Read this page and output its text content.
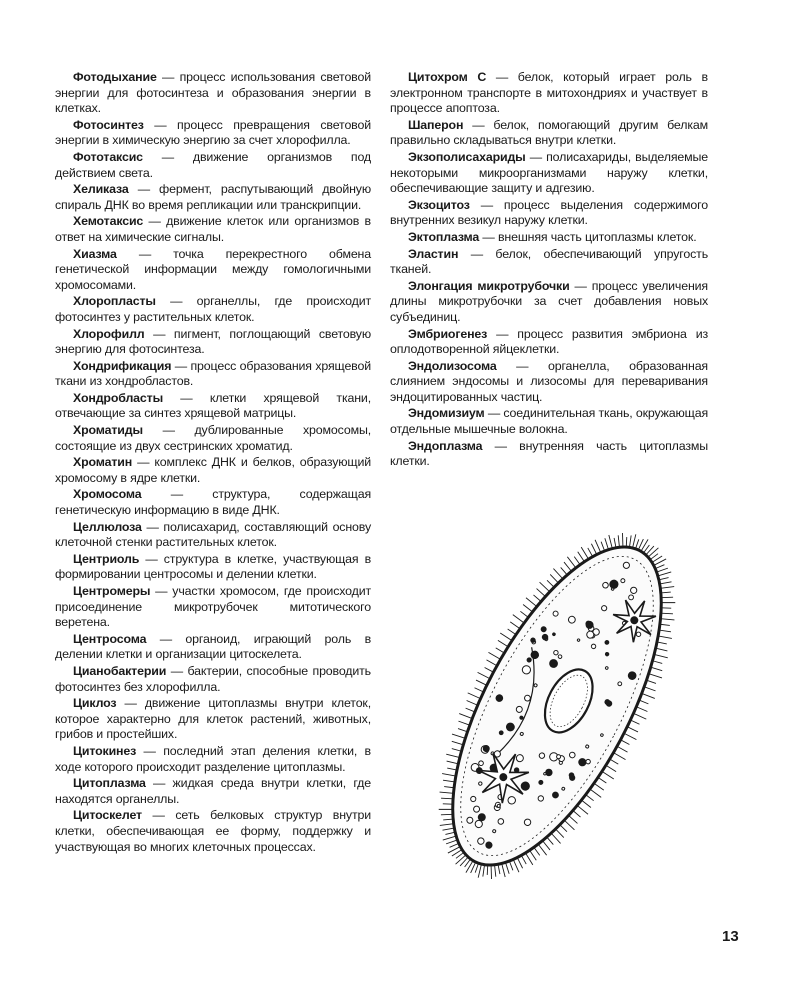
Фотодыхание — процесс использования световой энергии для фотосинтеза и образования энергии в клетках.

Фотосинтез — процесс превращения световой энергии в химическую энергию за счет хлорофилла.

Фототаксис — движение организмов под действием света.

Хеликаза — фермент, распутывающий двойную спираль ДНК во время репликации или транскрипции.

Хемотаксис — движение клеток или организмов в ответ на химические сигналы.

Хиазма — точка перекрестного обмена генетической информации между гомологичными хромосомами.

Хлоропласты — органеллы, где происходит фотосинтез у растительных клеток.

Хлорофилл — пигмент, поглощающий световую энергию для фотосинтеза.

Хондрификация — процесс образования хрящевой ткани из хондробластов.

Хондробласты — клетки хрящевой ткани, отвечающие за синтез хрящевой матрицы.

Хроматиды — дублированные хромосомы, состоящие из двух сестринских хроматид.

Хроматин — комплекс ДНК и белков, образующий хромосому в ядре клетки.

Хромосома — структура, содержащая генетическую информацию в виде ДНК.

Целлюлоза — полисахарид, составляющий основу клеточной стенки растительных клеток.

Центриоль — структура в клетке, участвующая в формировании центросомы и делении клетки.

Центромеры — участки хромосом, где происходит присоединение микротрубочек митотического веретена.

Центросома — органоид, играющий роль в делении клетки и организации цитоскелета.

Цианобактерии — бактерии, способные проводить фотосинтез без хлорофилла.

Циклоз — движение цитоплазмы внутри клеток, которое характерно для клеток растений, животных, грибов и простейших.

Цитокинез — последний этап деления клетки, в ходе которого происходит разделение цитоплазмы.

Цитоплазма — жидкая среда внутри клетки, где находятся органеллы.

Цитоскелет — сеть белковых структур внутри клетки, обеспечивающая ее форму, поддержку и участвующая во многих клеточных процессах.

Цитохром С — белок, который играет роль в электронном транспорте в митохондриях и участвует в процессе апоптоза.

Шаперон — белок, помогающий другим белкам правильно складываться внутри клетки.

Экзополисахариды — полисахариды, выделяемые некоторыми микроорганизмами наружу клетки, обеспечивающие защиту и адгезию.

Экзоцитоз — процесс выделения содержимого внутренних везикул наружу клетки.

Эктоплазма — внешняя часть цитоплазмы клеток.

Эластин — белок, обеспечивающий упругость тканей.

Элонгация микротрубочки — процесс увеличения длины микротрубочки за счет добавления новых субъединиц.

Эмбриогенез — процесс развития эмбриона из оплодотворенной яйцеклетки.

Эндолизосома — органелла, образованная слиянием эндосомы и лизосомы для переваривания эндоцитированных частиц.

Эндомизиум — соединительная ткань, окружающая отдельные мышечные волокна.

Эндоплазма — внутренняя часть цитоплазмы клетки.

13
